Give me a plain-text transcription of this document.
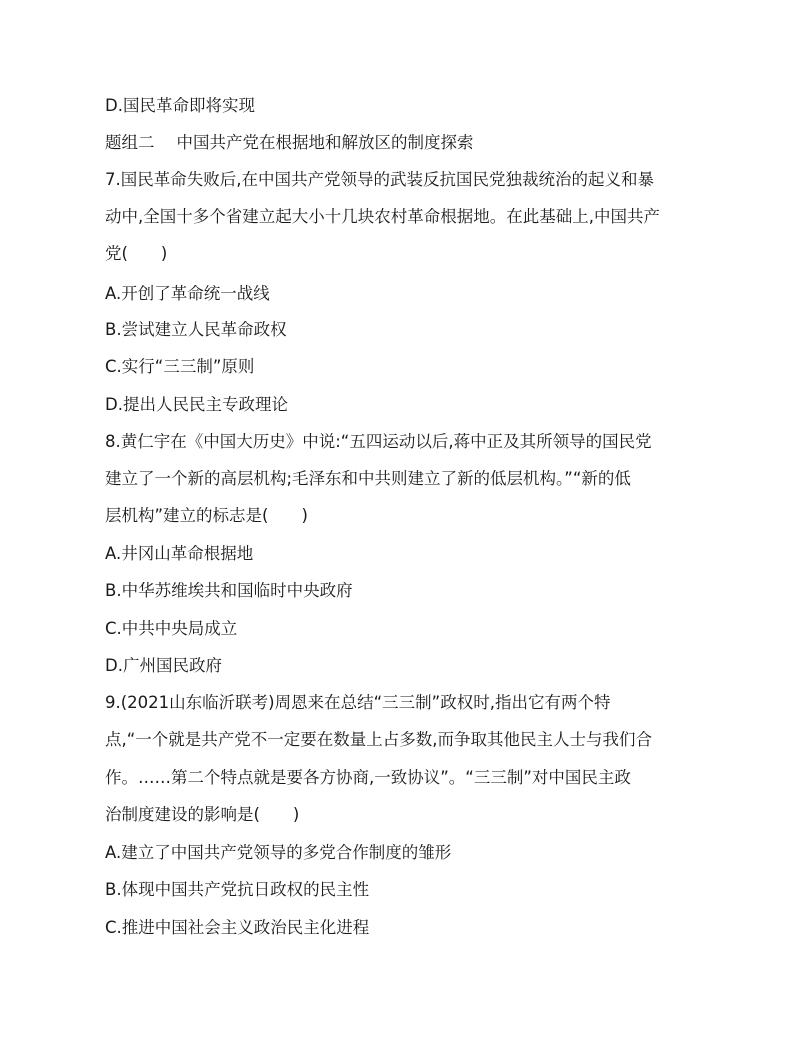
D.国民革命即将实现
题组二 中国共产党在根据地和解放区的制度探索
7.国民革命失败后,在中国共产党领导的武装反抗国民党独裁统治的起义和暴
动中,全国十多个省建立起大小十几块农村革命根据地。在此基础上,中国共产
党(　　)
A.开创了革命统一战线
B.尝试建立人民革命政权
C.实行“三三制”原则
D.提出人民民主专政理论
8.黄仁宇在《中国大历史》中说:“五四运动以后,蒋中正及其所领导的国民党
建立了一个新的高层机构;毛泽东和中共则建立了新的低层机构。”“新的低
层机构”建立的标志是(　　)
A.井冈山革命根据地
B.中华苏维埃共和国临时中央政府
C.中共中央局成立
D.广州国民政府
9.(2021山东临沂联考)周恩来在总结“三三制”政权时,指出它有两个特
点,“一个就是共产党不一定要在数量上占多数,而争取其他民主人士与我们合
作。……第二个特点就是要各方协商,一致协议”。“三三制”对中国民主政
治制度建设的影响是(　　)
A.建立了中国共产党领导的多党合作制度的雏形
B.体现中国共产党抗日政权的民主性
C.推进中国社会主义政治民主化进程
